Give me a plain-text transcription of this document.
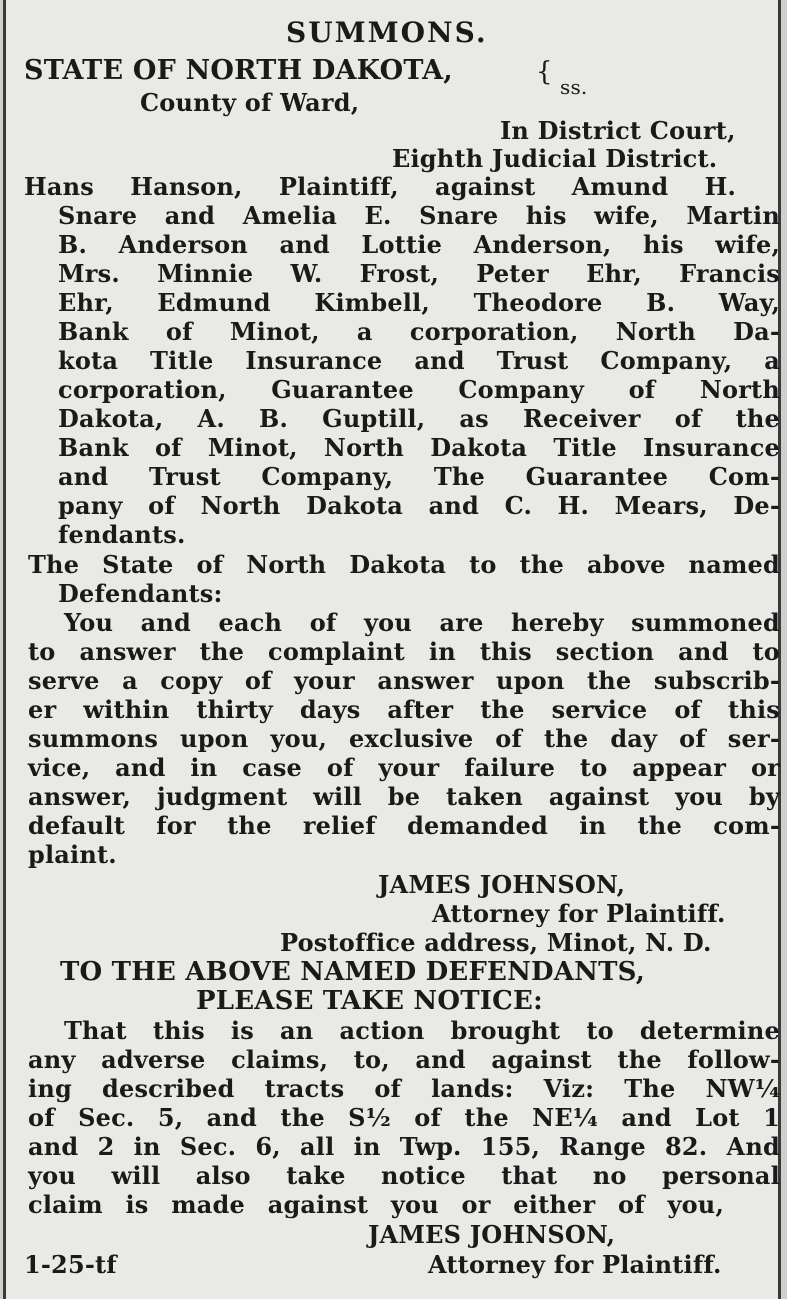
SUMMONS.
STATE OF NORTH DAKOTA,	{ ss.
County of Ward,
In District Court,
Eighth Judicial District.
Hans Hanson, Plaintiff, against Amund H.
Snare and Amelia E. Snare his wife, Martin
B. Anderson and Lottie Anderson, his wife,
Mrs. Minnie W. Frost, Peter Ehr, Francis
Ehr, Edmund Kimbell, Theodore B. Way,
Bank of Minot, a corporation, North Da-
kota Title Insurance and Trust Company, a
corporation, Guarantee Company of North
Dakota, A. B. Guptill, as Receiver of the
Bank of Minot, North Dakota Title Insurance
and Trust Company, The Guarantee Com-
pany of North Dakota and C. H. Mears, De-
fendants.
The State of North Dakota to the above named
Defendants:
You and each of you are hereby summoned
to answer the complaint in this section and to
serve a copy of your answer upon the subscrib-
er within thirty days after the service of this
summons upon you, exclusive of the day of ser-
vice, and in case of your failure to appear or
answer, judgment will be taken against you by
default for the relief demanded in the com-
plaint.
JAMES JOHNSON,
Attorney for Plaintiff.
Postoffice address, Minot, N. D.
TO THE ABOVE NAMED DEFENDANTS,
PLEASE TAKE NOTICE:
That this is an action brought to determine
any adverse claims, to, and against the follow-
ing described tracts of lands: Viz: The NW¼
of Sec. 5, and the S½ of the NE¼ and Lot 1
and 2 in Sec. 6, all in Twp. 155, Range 82. And
you will also take notice that no personal
claim is made against you or either of you,
JAMES JOHNSON,
1-25-tf	Attorney for Plaintiff.
